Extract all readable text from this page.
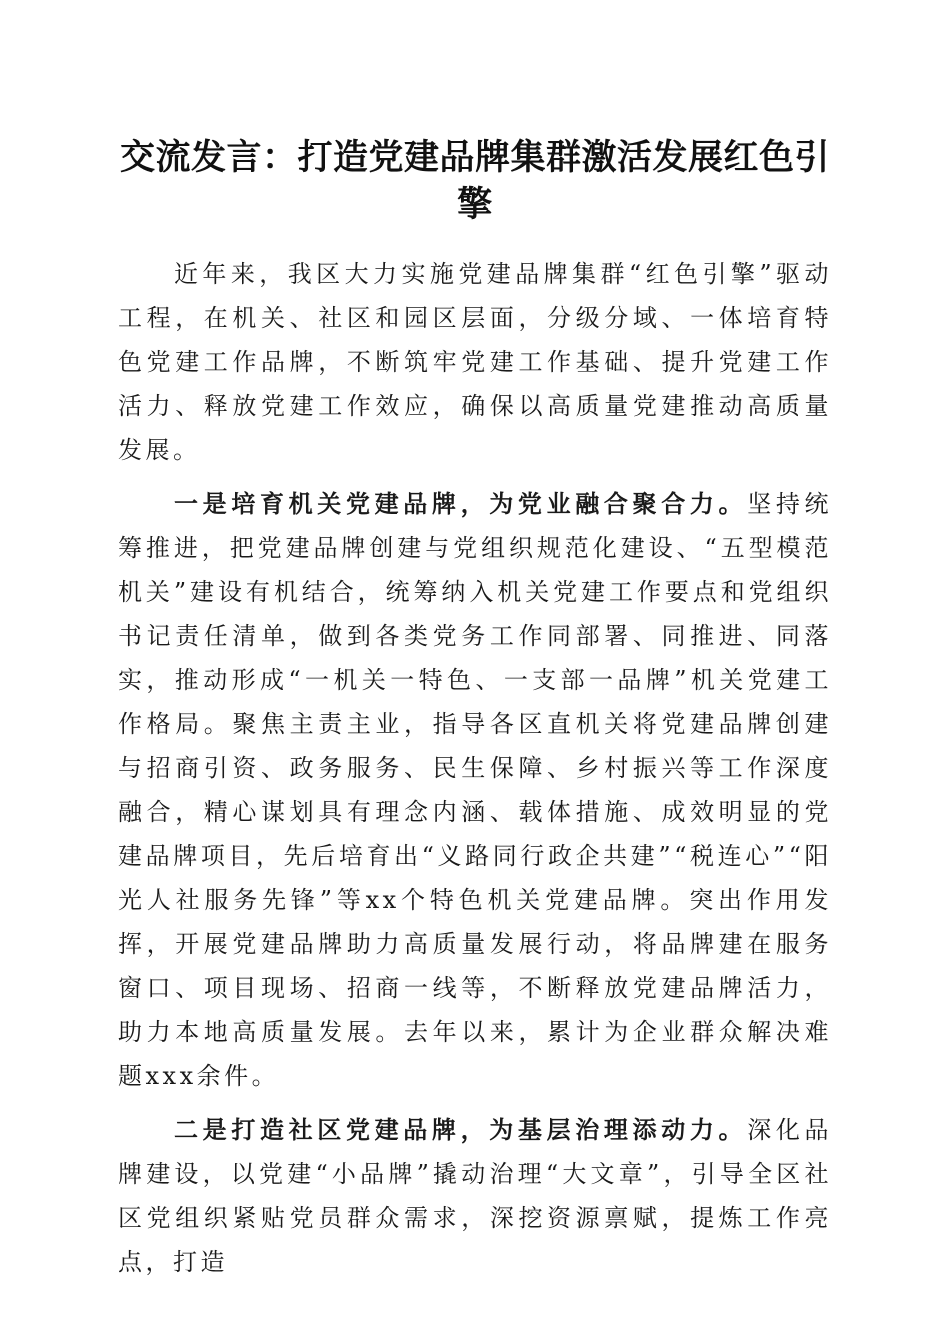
交流发言：打造党建品牌集群激活发展红色引擎

近年来，我区大力实施党建品牌集群“红色引擎”驱动工程，在机关、社区和园区层面，分级分域、一体培育特色党建工作品牌，不断筑牢党建工作基础、提升党建工作活力、释放党建工作效应，确保以高质量党建推动高质量发展。

一是培育机关党建品牌，为党业融合聚合力。坚持统筹推进，把党建品牌创建与党组织规范化建设、“五型模范机关”建设有机结合，统筹纳入机关党建工作要点和党组织书记责任清单，做到各类党务工作同部署、同推进、同落实，推动形成“一机关一特色、一支部一品牌”机关党建工作格局。聚焦主责主业，指导各区直机关将党建品牌创建与招商引资、政务服务、民生保障、乡村振兴等工作深度融合，精心谋划具有理念内涵、载体措施、成效明显的党建品牌项目，先后培育出“义路同行政企共建”“税连心”“阳光人社服务先锋”等xx个特色机关党建品牌。突出作用发挥，开展党建品牌助力高质量发展行动，将品牌建在服务窗口、项目现场、招商一线等，不断释放党建品牌活力，助力本地高质量发展。去年以来，累计为企业群众解决难题xxx余件。

二是打造社区党建品牌，为基层治理添动力。深化品牌建设，以党建“小品牌”撬动治理“大文章”，引导全区社区党组织紧贴党员群众需求，深挖资源禀赋，提炼工作亮点，打造
